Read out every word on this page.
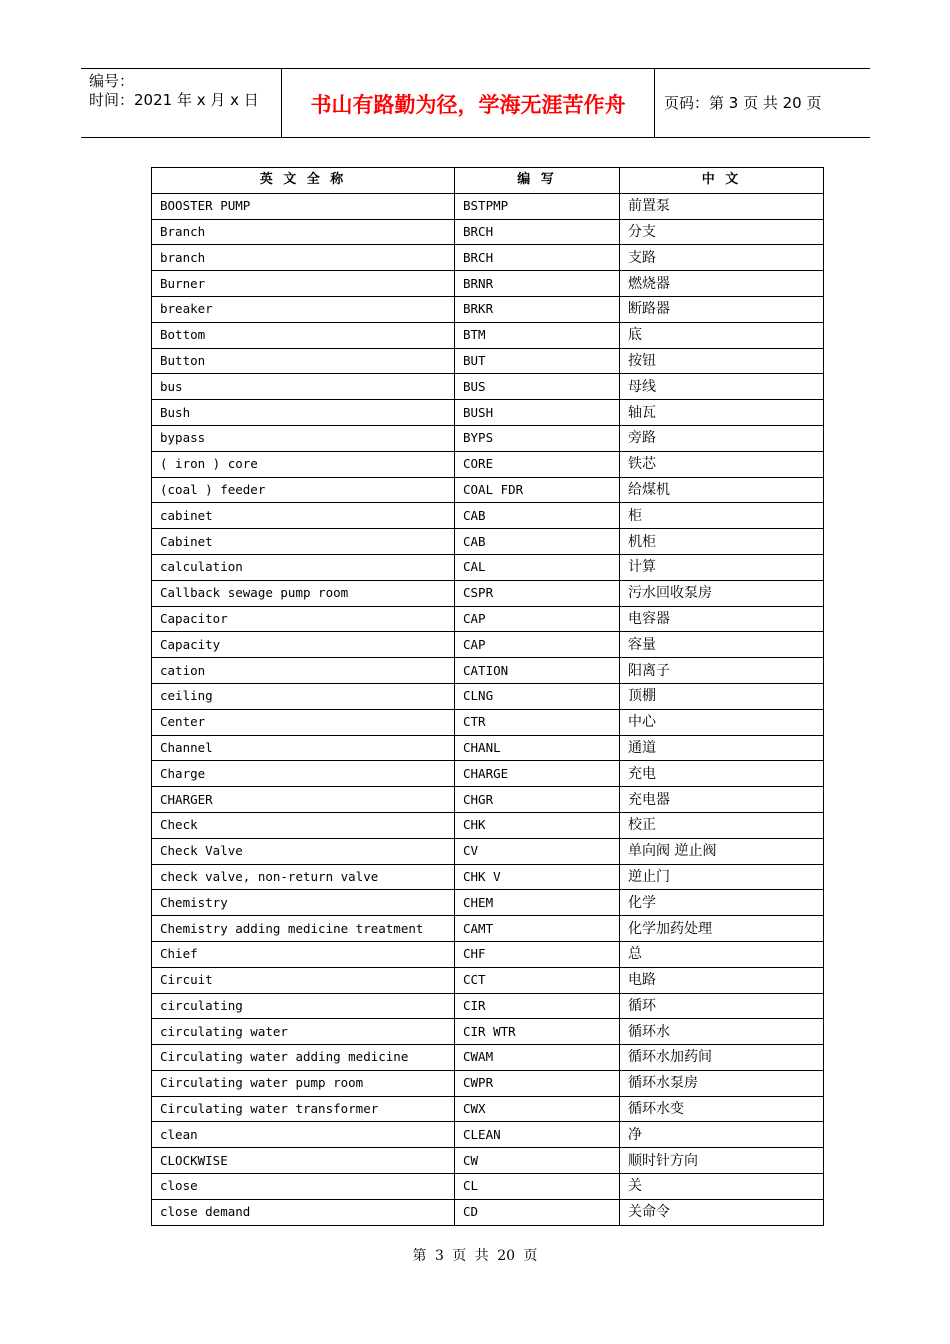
编号：
时间：2021 年 x 月 x 日	书山有路勤为径，学海无涯苦作舟	页码：第 3 页 共 20 页
英 文 全 称	编 写	中 文
BOOSTER PUMP	BSTPMP	前置泵
Branch	BRCH	分支
branch	BRCH	支路
Burner	BRNR	燃烧器
breaker	BRKR	断路器
Bottom	BTM	底
Button	BUT	按钮
bus	BUS	母线
Bush	BUSH	轴瓦
bypass	BYPS	旁路
( iron ) core	CORE	铁芯
(coal ) feeder	COAL FDR	给煤机
cabinet	CAB	柜
Cabinet	CAB	机柜
calculation	CAL	计算
Callback sewage pump room	CSPR	污水回收泵房
Capacitor	CAP	电容器
Capacity	CAP	容量
cation	CATION	阳离子
ceiling	CLNG	顶棚
Center	CTR	中心
Channel	CHANL	通道
Charge	CHARGE	充电
CHARGER	CHGR	充电器
Check	CHK	校正
Check Valve	CV	单向阀 逆止阀
check valve, non-return valve	CHK V	逆止门
Chemistry	CHEM	化学
Chemistry adding medicine treatment	CAMT	化学加药处理
Chief	CHF	总
Circuit	CCT	电路
circulating	CIR	循环
circulating water	CIR WTR	循环水
Circulating water adding medicine	CWAM	循环水加药间
Circulating water pump room	CWPR	循环水泵房
Circulating water transformer	CWX	循环水变
clean	CLEAN	净
CLOCKWISE	CW	顺时针方向
close	CL	关
close demand	CD	关命令
第 3 页 共 20 页
